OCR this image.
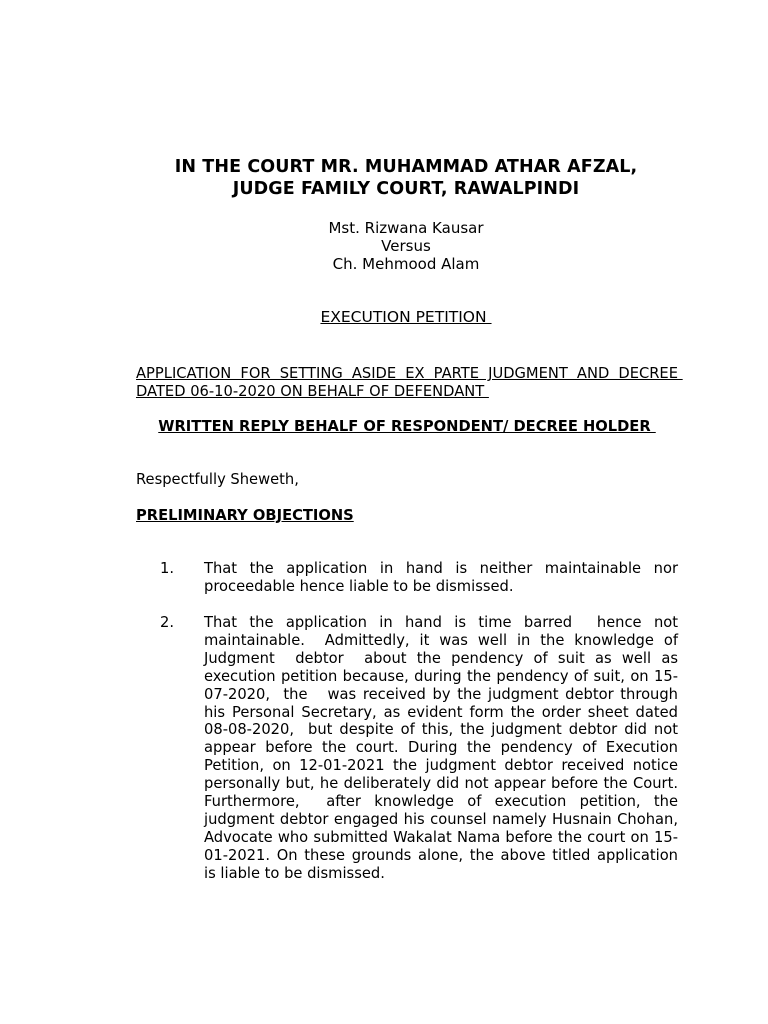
IN THE COURT MR. MUHAMMAD ATHAR AFZAL,
JUDGE FAMILY COURT, RAWALPINDI
Mst. Rizwana Kausar
Versus
Ch. Mehmood Alam
EXECUTION PETITION
APPLICATION FOR SETTING ASIDE EX PARTE JUDGMENT AND DECREE DATED 06-10-2020 ON BEHALF OF DEFENDANT
WRITTEN REPLY BEHALF OF RESPONDENT/ DECREE HOLDER
Respectfully Sheweth,
PRELIMINARY OBJECTIONS
1. That the application in hand is neither maintainable nor proceedable hence liable to be dismissed.
2. That the application in hand is time barred  hence not maintainable.  Admittedly, it was well in the knowledge of Judgment  debtor  about the pendency of suit as well as execution petition because, during the pendency of suit, on 15-07-2020,  the   was received by the judgment debtor through his Personal Secretary, as evident form the order sheet dated 08-08-2020,  but despite of this, the judgment debtor did not appear before the court. During the pendency of Execution Petition, on 12-01-2021 the judgment debtor received notice personally but, he deliberately did not appear before the Court. Furthermore,  after knowledge of execution petition, the judgment debtor engaged his counsel namely Husnain Chohan, Advocate who submitted Wakalat Nama before the court on 15-01-2021. On these grounds alone, the above titled application is liable to be dismissed.
